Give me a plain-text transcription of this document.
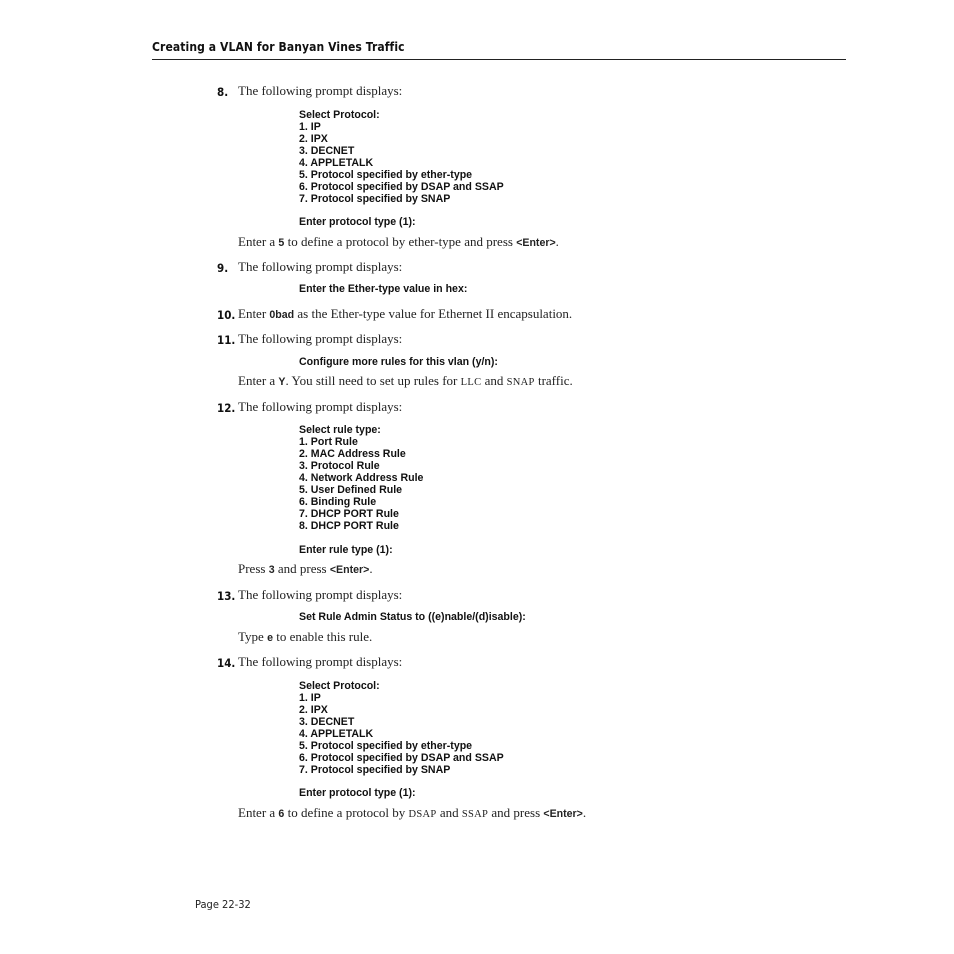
Creating a VLAN for Banyan Vines Traffic
8. The following prompt displays:
Select Protocol:
1. IP
2. IPX
3. DECNET
4. APPLETALK
5. Protocol specified by ether-type
6. Protocol specified by DSAP and SSAP
7. Protocol specified by SNAP
Enter protocol type (1):
Enter a 5 to define a protocol by ether-type and press <Enter>.
9. The following prompt displays:
Enter the Ether-type value in hex:
10. Enter 0bad as the Ether-type value for Ethernet II encapsulation.
11. The following prompt displays:
Configure more rules for this vlan (y/n):
Enter a Y. You still need to set up rules for LLC and SNAP traffic.
12. The following prompt displays:
Select rule type:
1. Port Rule
2. MAC Address Rule
3. Protocol Rule
4. Network Address Rule
5. User Defined Rule
6. Binding Rule
7. DHCP PORT Rule
8. DHCP PORT Rule
Enter rule type (1):
Press 3 and press <Enter>.
13. The following prompt displays:
Set Rule Admin Status to ((e)nable/(d)isable):
Type e to enable this rule.
14. The following prompt displays:
Select Protocol:
1. IP
2. IPX
3. DECNET
4. APPLETALK
5. Protocol specified by ether-type
6. Protocol specified by DSAP and SSAP
7. Protocol specified by SNAP
Enter protocol type (1):
Enter a 6 to define a protocol by DSAP and SSAP and press <Enter>.
Page 22-32
